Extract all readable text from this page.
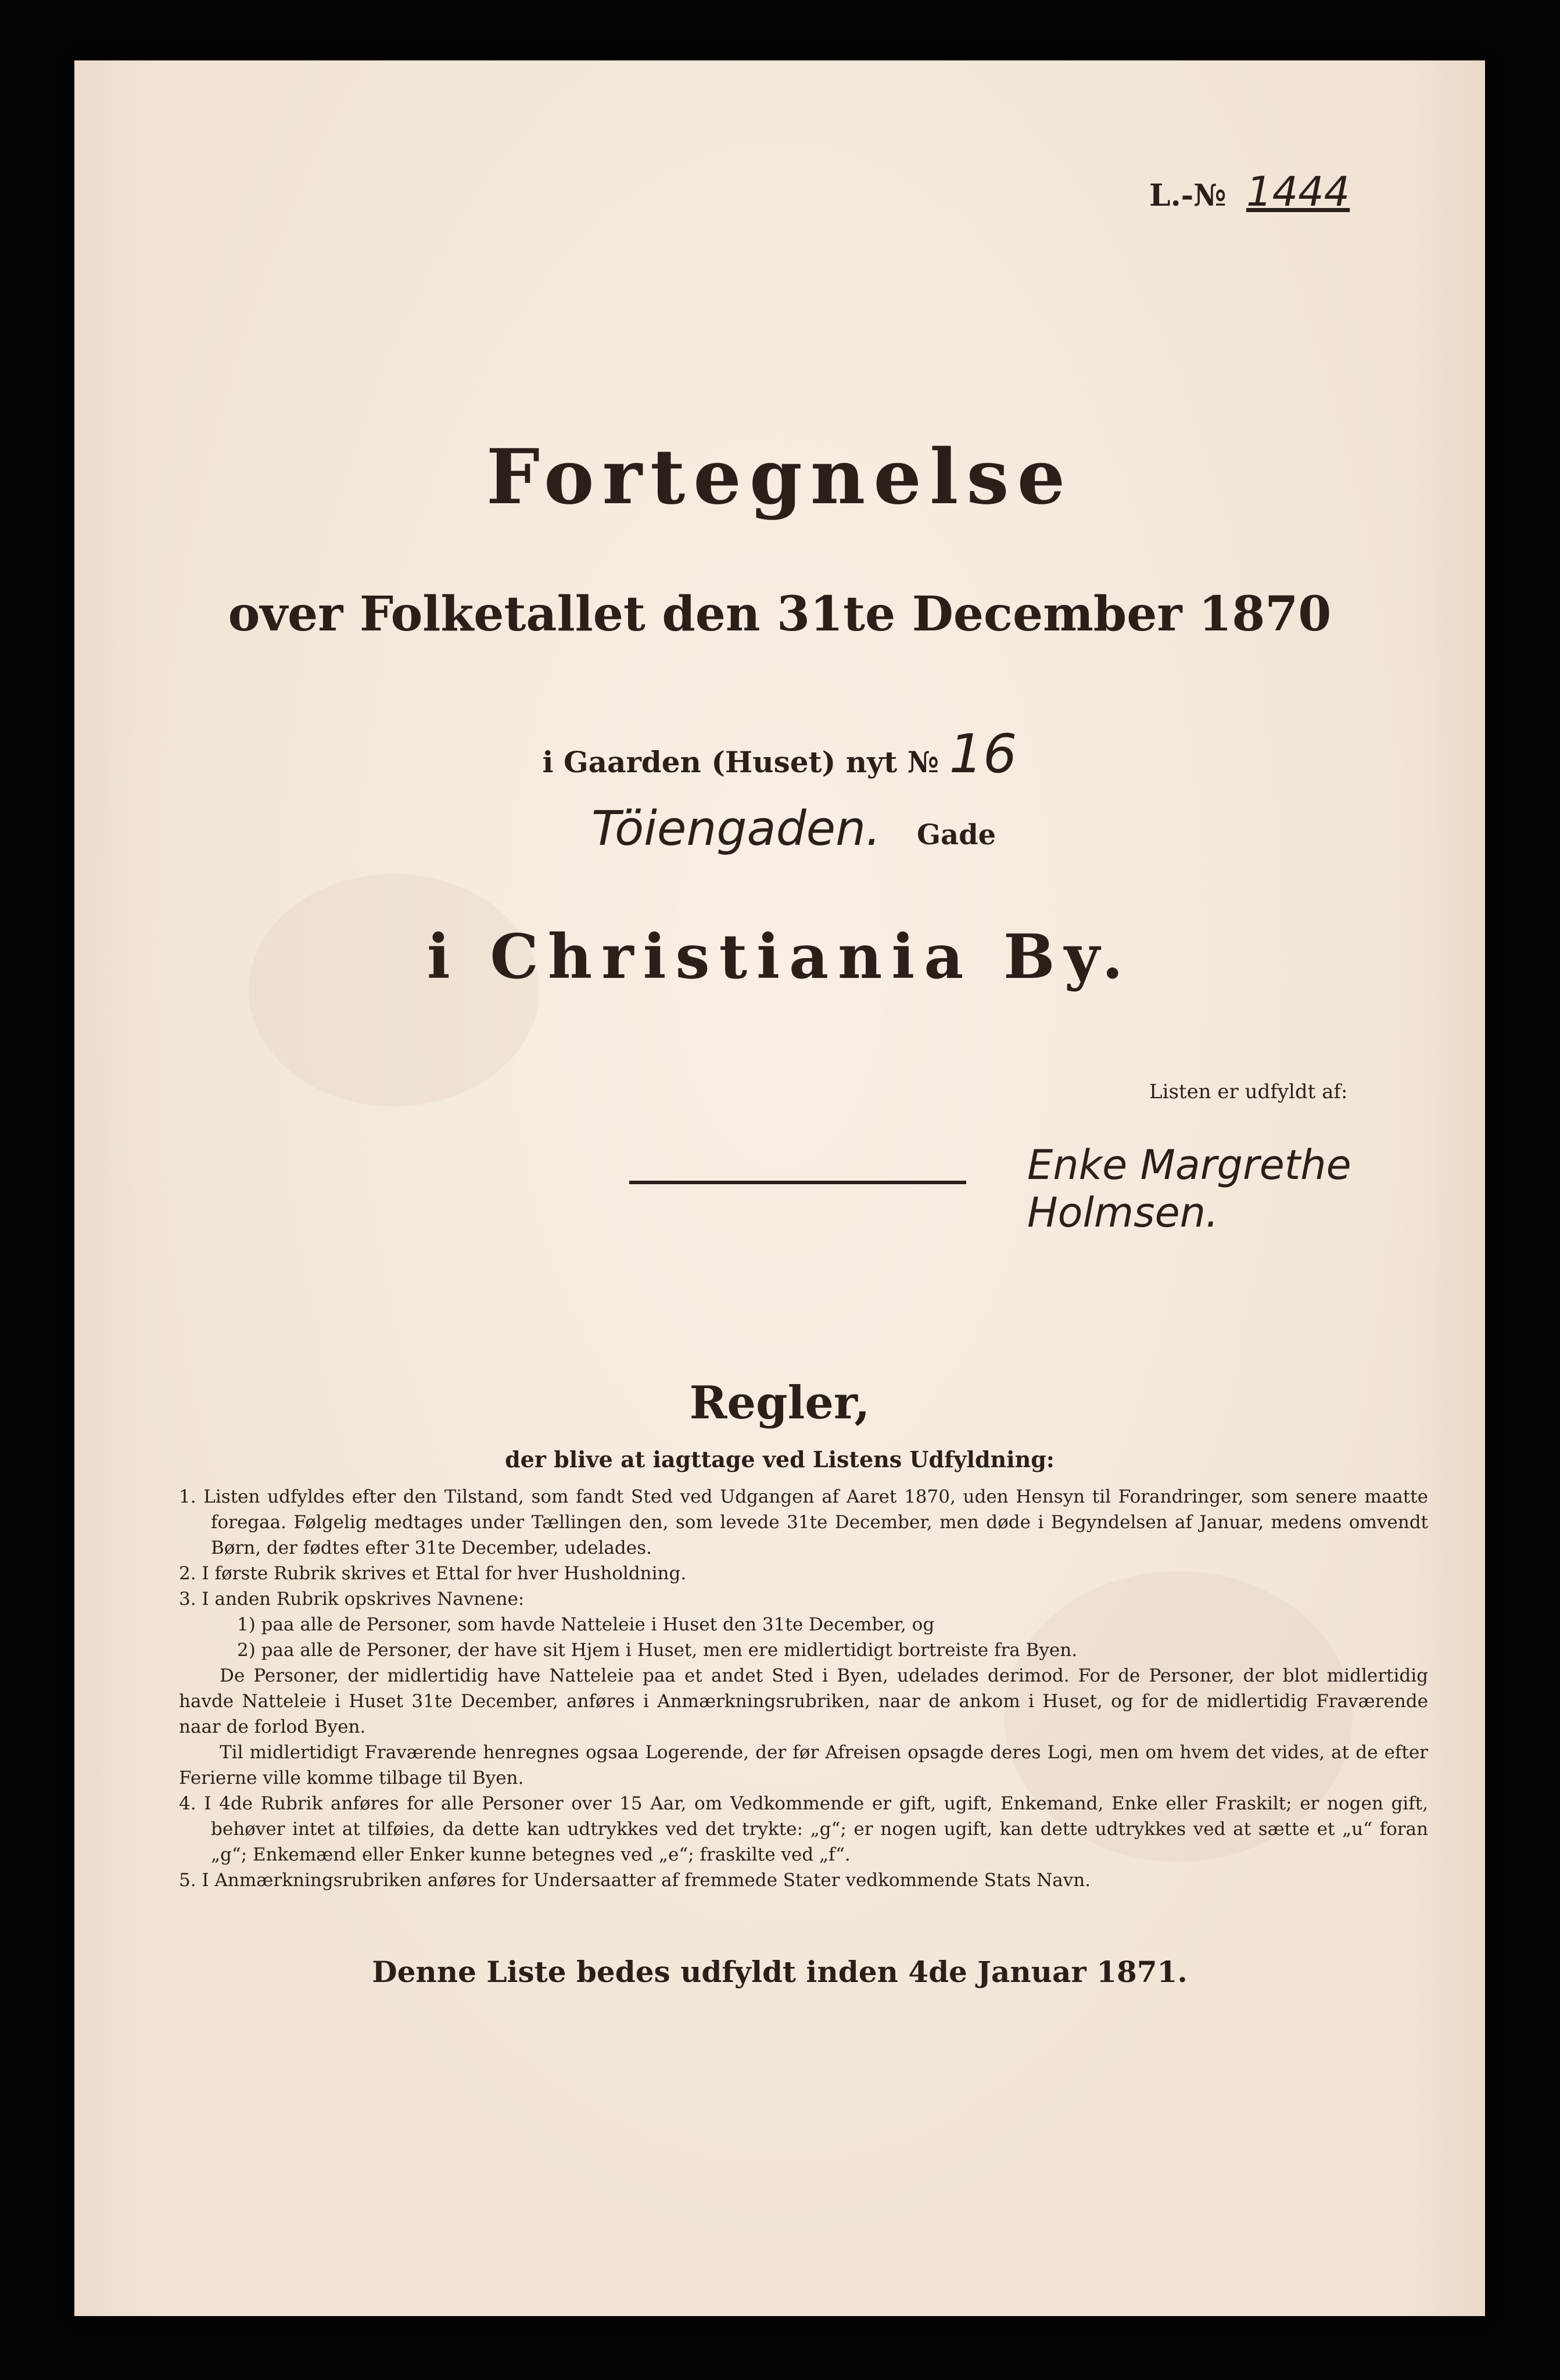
L.-№ 1444
Fortegnelse
over Folketallet den 31te December 1870
i Gaarden (Huset) nyt № 16
Töiengaden. Gade
i Christiania By.
Listen er udfyldt af:
Enke Margrethe Holmsen.
Regler,
der blive at iagttage ved Listens Udfyldning:

1. Listen udfyldes efter den Tilstand, som fandt Sted ved Udgangen af Aaret 1870, uden Hensyn til Forandringer, som senere maatte foregaa. Følgelig medtages under Tællingen den, som levede 31te December, men døde i Begyndelsen af Januar, medens omvendt Børn, der fødtes efter 31te December, udelades.

2. I første Rubrik skrives et Ettal for hver Husholdning.

3. I anden Rubrik opskrives Navnene:

1) paa alle de Personer, som havde Natteleie i Huset den 31te December, og

2) paa alle de Personer, der have sit Hjem i Huset, men ere midlertidigt bortreiste fra Byen.

De Personer, der midlertidig have Natteleie paa et andet Sted i Byen, udelades derimod. For de Personer, der blot midlertidig havde Natteleie i Huset 31te December, anføres i Anmærkningsrubriken, naar de ankom i Huset, og for de midlertidig Fraværende naar de forlod Byen.

Til midlertidigt Fraværende henregnes ogsaa Logerende, der før Afreisen opsagde deres Logi, men om hvem det vides, at de efter Ferierne ville komme tilbage til Byen.

4. I 4de Rubrik anføres for alle Personer over 15 Aar, om Vedkommende er gift, ugift, Enkemand, Enke eller Fraskilt; er nogen gift, behøver intet at tilføies, da dette kan udtrykkes ved det trykte: „g“; er nogen ugift, kan dette udtrykkes ved at sætte et „u“ foran „g“; Enkemænd eller Enker kunne betegnes ved „e“; fraskilte ved „f“.

5. I Anmærkningsrubriken anføres for Undersaatter af fremmede Stater vedkommende Stats Navn.

Denne Liste bedes udfyldt inden 4de Januar 1871.
